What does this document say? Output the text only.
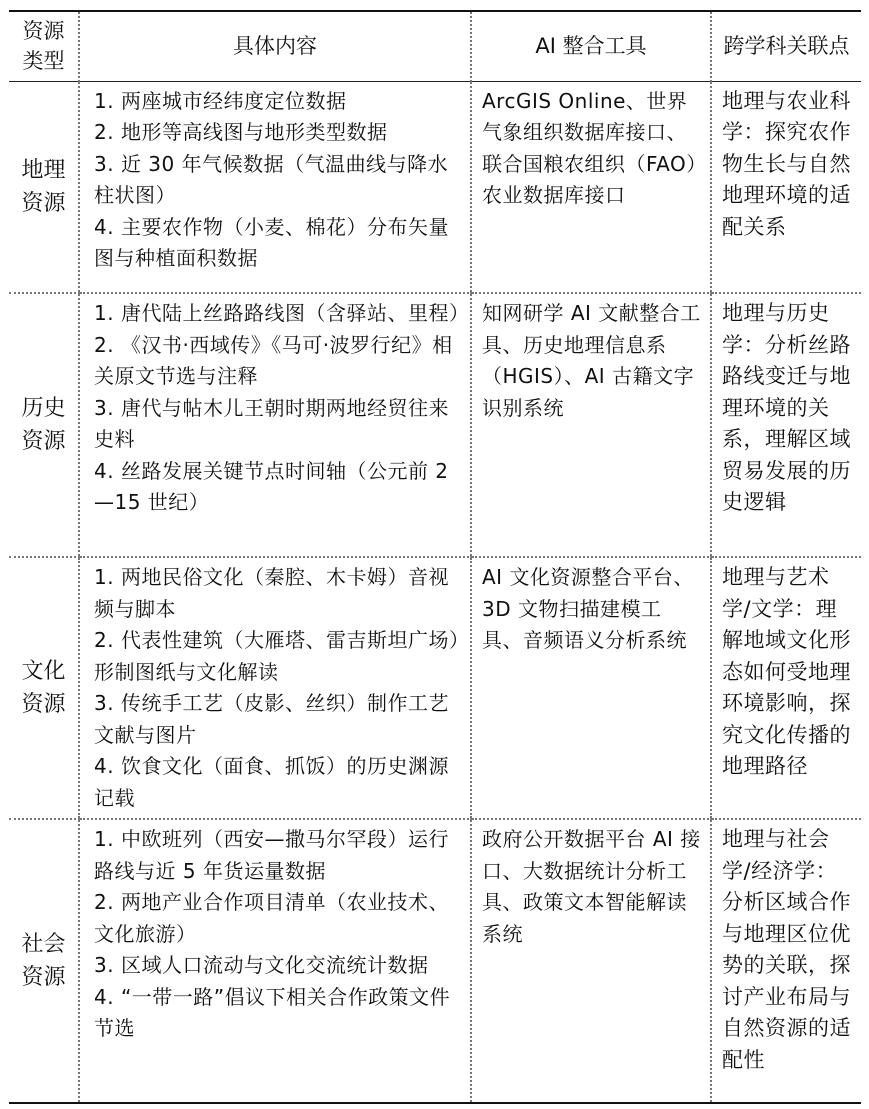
资源类型	具体内容	AI 整合工具	跨学科关联点
地理资源	1. 两座城市经纬度定位数据
2. 地形等高线图与地形类型数据
3. 近 30 年气候数据（气温曲线与降水柱状图）
4. 主要农作物（小麦、棉花）分布矢量图与种植面积数据	ArcGIS Online、世界气象组织数据库接口、联合国粮农组织（FAO）农业数据库接口	地理与农业科学：探究农作物生长与自然地理环境的适配关系
历史资源	1. 唐代陆上丝路路线图（含驿站、里程）
2. 《汉书·西域传》《马可·波罗行纪》相关原文节选与注释
3. 唐代与帖木儿王朝时期两地经贸往来史料
4. 丝路发展关键节点时间轴（公元前 2—15 世纪）	知网研学 AI 文献整合工具、历史地理信息系（HGIS）、AI 古籍文字识别系统	地理与历史学：分析丝路路线变迁与地理环境的关系，理解区域贸易发展的历史逻辑
文化资源	1. 两地民俗文化（秦腔、木卡姆）音视频与脚本
2. 代表性建筑（大雁塔、雷吉斯坦广场）形制图纸与文化解读
3. 传统手工艺（皮影、丝织）制作工艺文献与图片
4. 饮食文化（面食、抓饭）的历史渊源记载	AI 文化资源整合平台、3D 文物扫描建模工具、音频语义分析系统	地理与艺术学/文学：理解地域文化形态如何受地理环境影响，探究文化传播的地理路径
社会资源	1. 中欧班列（西安—撒马尔罕段）运行路线与近 5 年货运量数据
2. 两地产业合作项目清单（农业技术、文化旅游）
3. 区域人口流动与文化交流统计数据
4. “一带一路”倡议下相关合作政策文件节选	政府公开数据平台 AI 接口、大数据统计分析工具、政策文本智能解读系统	地理与社会学/经济学：分析区域合作与地理区位优势的关联，探讨产业布局与自然资源的适配性
